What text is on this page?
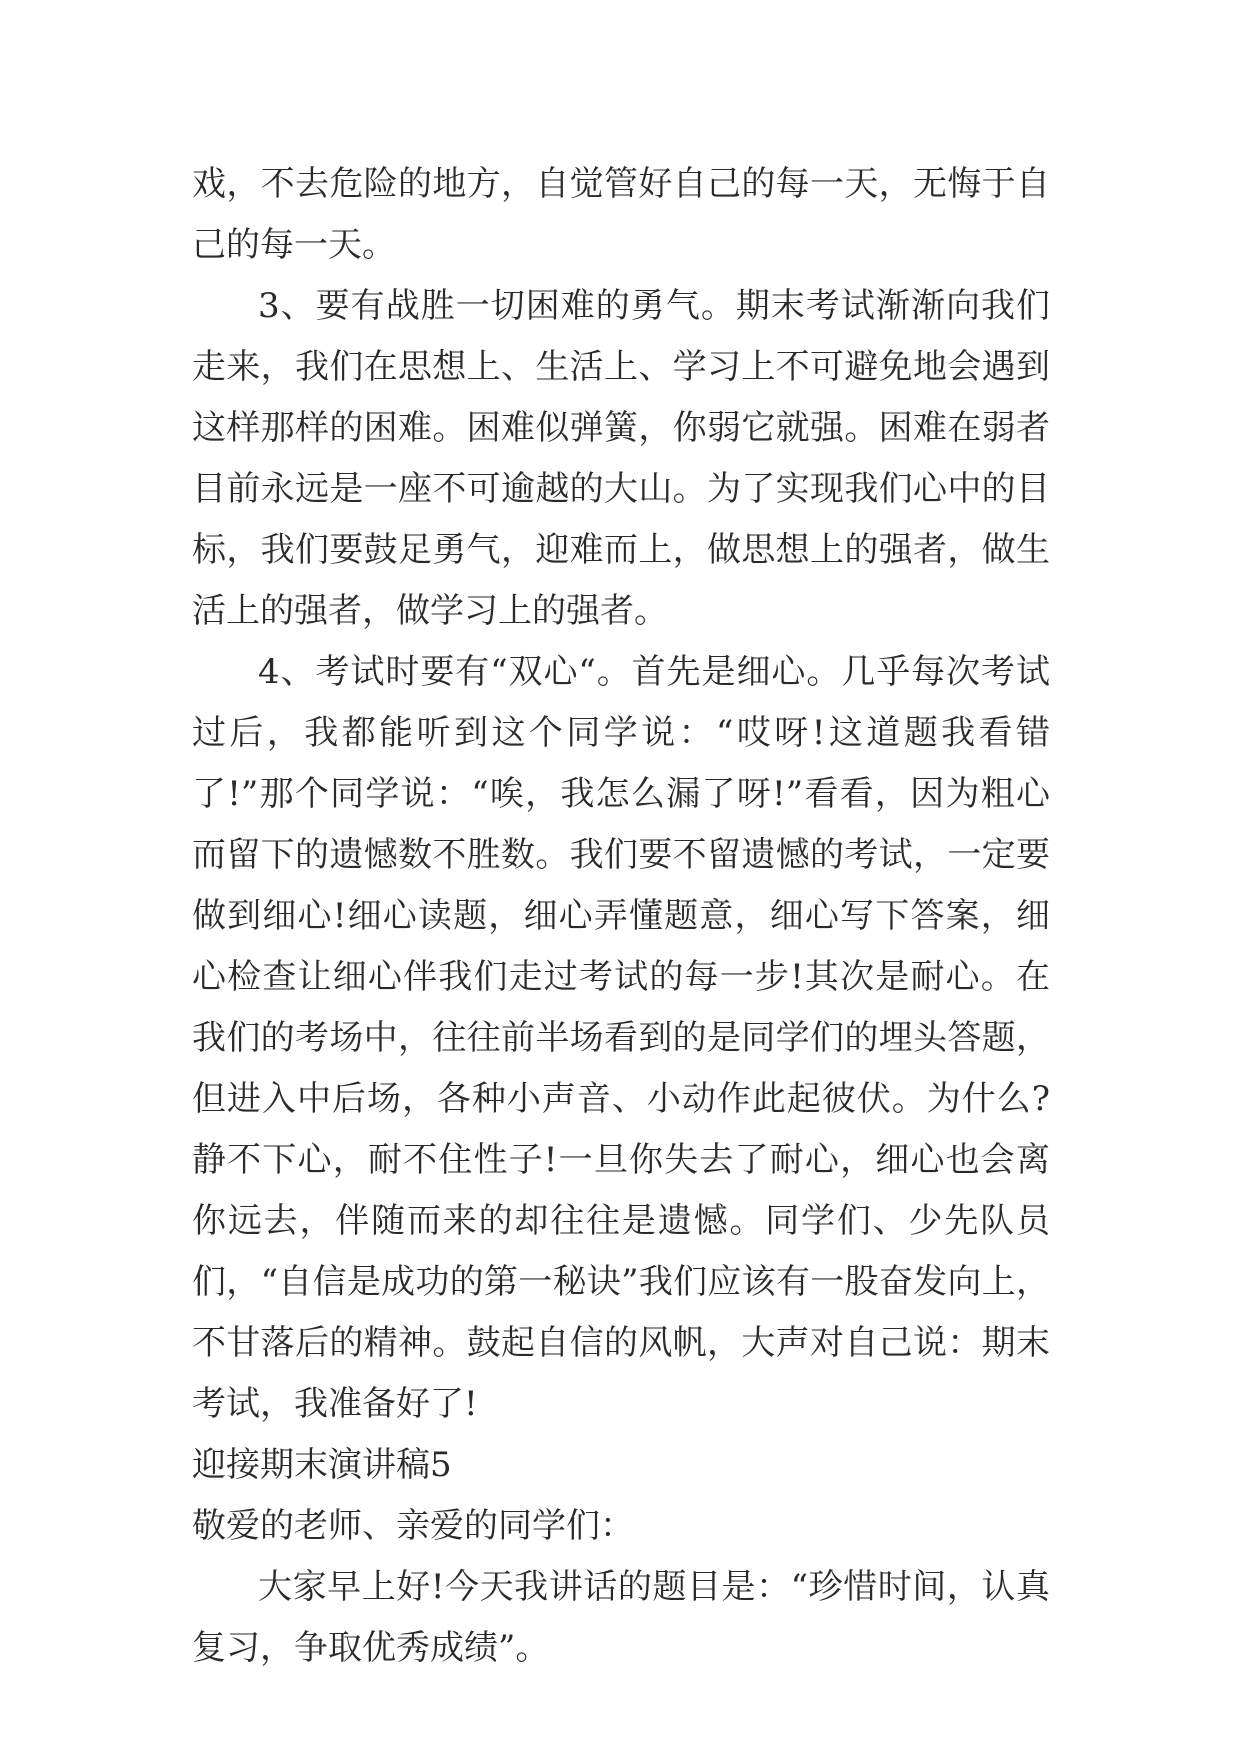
戏，不去危险的地方，自觉管好自己的每一天，无悔于自己的每一天。

3、要有战胜一切困难的勇气。期末考试渐渐向我们走来，我们在思想上、生活上、学习上不可避免地会遇到这样那样的困难。困难似弹簧，你弱它就强。困难在弱者目前永远是一座不可逾越的大山。为了实现我们心中的目标，我们要鼓足勇气，迎难而上，做思想上的强者，做生活上的强者，做学习上的强者。

4、考试时要有“双心“。首先是细心。几乎每次考试过后，我都能听到这个同学说：“哎呀!这道题我看错了!”那个同学说：“唉，我怎么漏了呀!”看看，因为粗心而留下的遗憾数不胜数。我们要不留遗憾的考试，一定要做到细心!细心读题，细心弄懂题意，细心写下答案，细心检查让细心伴我们走过考试的每一步!其次是耐心。在我们的考场中，往往前半场看到的是同学们的埋头答题，但进入中后场，各种小声音、小动作此起彼伏。为什么?静不下心，耐不住性子!一旦你失去了耐心，细心也会离你远去，伴随而来的却往往是遗憾。同学们、少先队员们，“自信是成功的第一秘诀”我们应该有一股奋发向上，不甘落后的精神。鼓起自信的风帆，大声对自己说：期末考试，我准备好了!

迎接期末演讲稿5

敬爱的老师、亲爱的同学们：

大家早上好!今天我讲话的题目是：“珍惜时间，认真复习，争取优秀成绩”。
